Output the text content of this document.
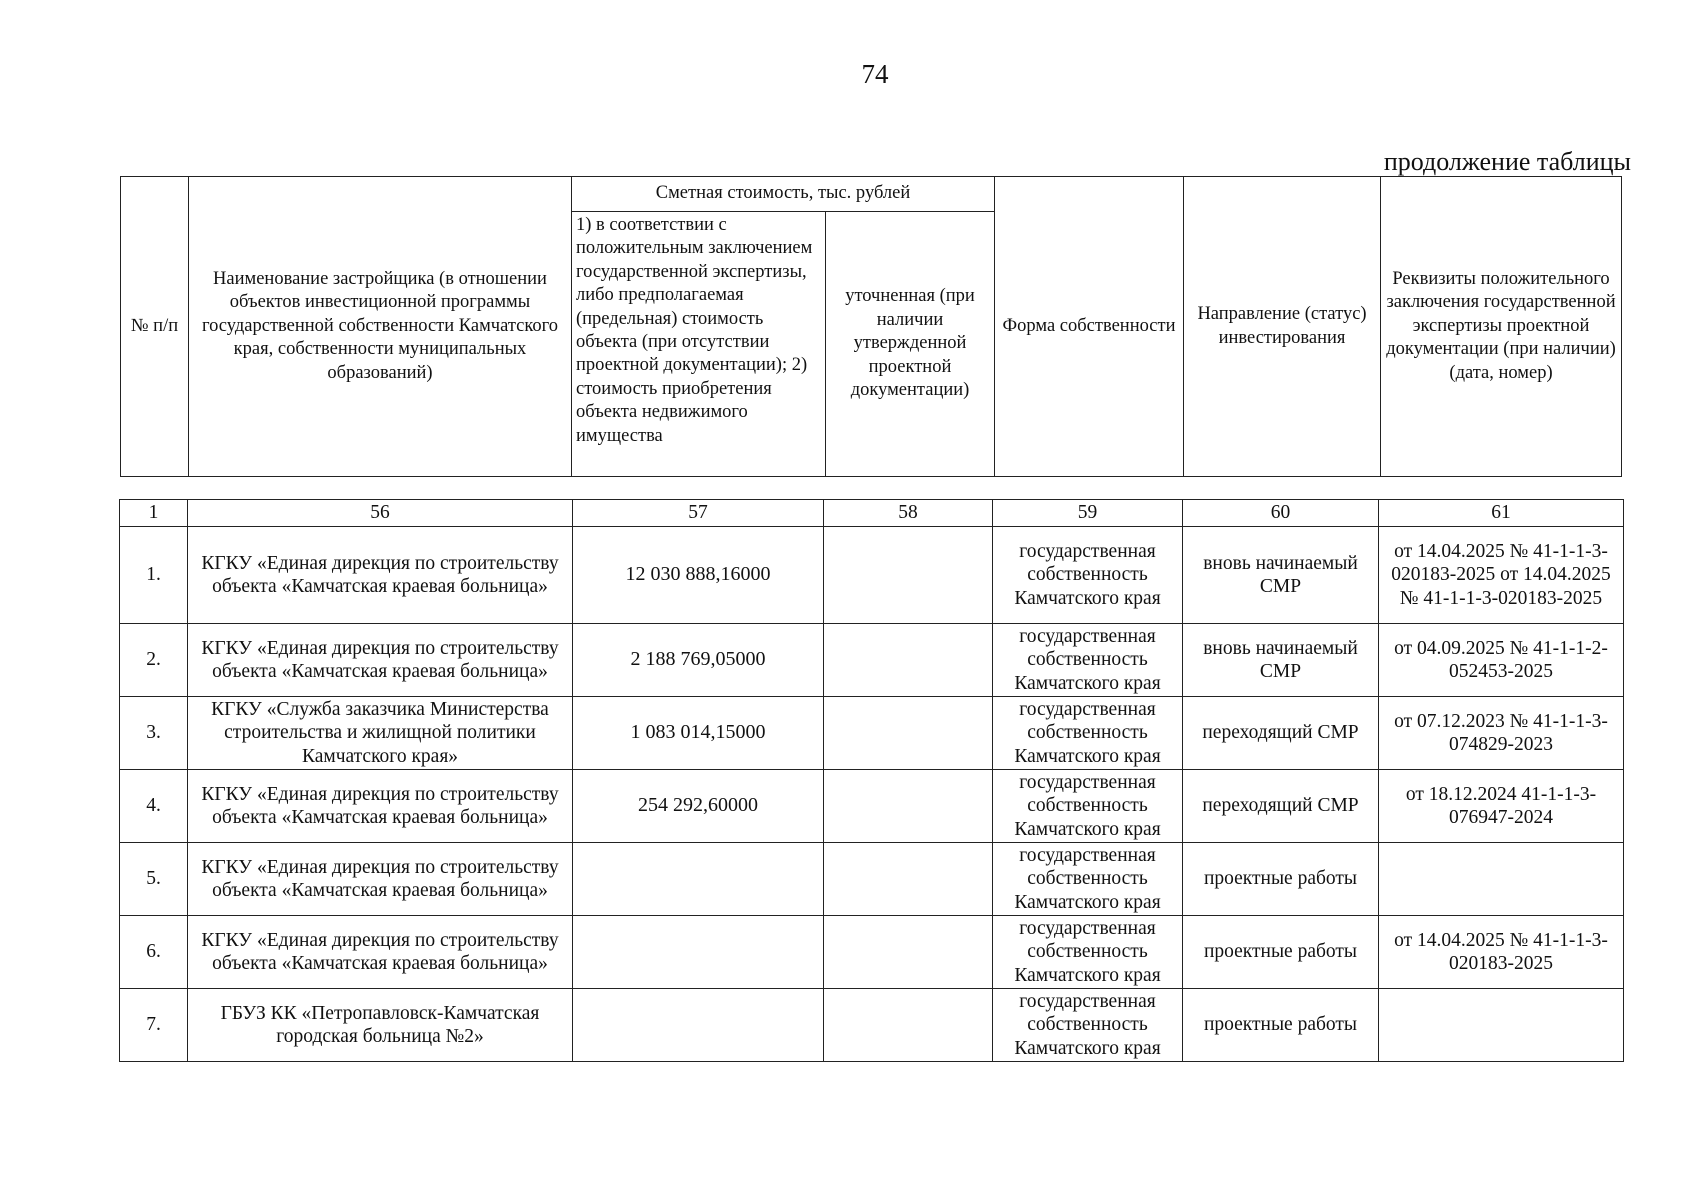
74
продолжение таблицы
№ п/п	Наименование застройщика (в отношении объектов инвестиционной программы государственной собственности Камчатского края, собственности муниципальных образований)	Сметная стоимость, тыс. рублей		Форма собственности	Направление (статус) инвестирования	Реквизиты положительного заключения государственной экспертизы проектной документации (при наличии) (дата, номер)
		1) в соответствии с положительным заключением государственной экспертизы, либо предполагаемая (предельная) стоимость объекта (при отсутствии проектной документации); 2) стоимость приобретения объекта недвижимого имущества	уточненная (при наличии утвержденной проектной документации)			
1	56	57	58	59	60	61
1.	КГКУ «Единая дирекция по строительству объекта «Камчатская краевая больница»	12 030 888,16000		государственная собственность Камчатского края	вновь начинаемый СМР	от 14.04.2025 № 41-1-1-3-020183-2025 от 14.04.2025 № 41-1-1-3-020183-2025
2.	КГКУ «Единая дирекция по строительству объекта «Камчатская краевая больница»	2 188 769,05000		государственная собственность Камчатского края	вновь начинаемый СМР	от 04.09.2025 № 41-1-1-2-052453-2025
3.	КГКУ «Служба заказчика Министерства строительства и жилищной политики Камчатского края»	1 083 014,15000		государственная собственность Камчатского края	переходящий СМР	от 07.12.2023 № 41-1-1-3-074829-2023
4.	КГКУ «Единая дирекция по строительству объекта «Камчатская краевая больница»	254 292,60000		государственная собственность Камчатского края	переходящий СМР	от 18.12.2024 41-1-1-3-076947-2024
5.	КГКУ «Единая дирекция по строительству объекта «Камчатская краевая больница»			государственная собственность Камчатского края	проектные работы	
6.	КГКУ «Единая дирекция по строительству объекта «Камчатская краевая больница»			государственная собственность Камчатского края	проектные работы	от 14.04.2025 № 41-1-1-3-020183-2025
7.	ГБУЗ КК «Петропавловск-Камчатская городская больница №2»			государственная собственность Камчатского края	проектные работы	
